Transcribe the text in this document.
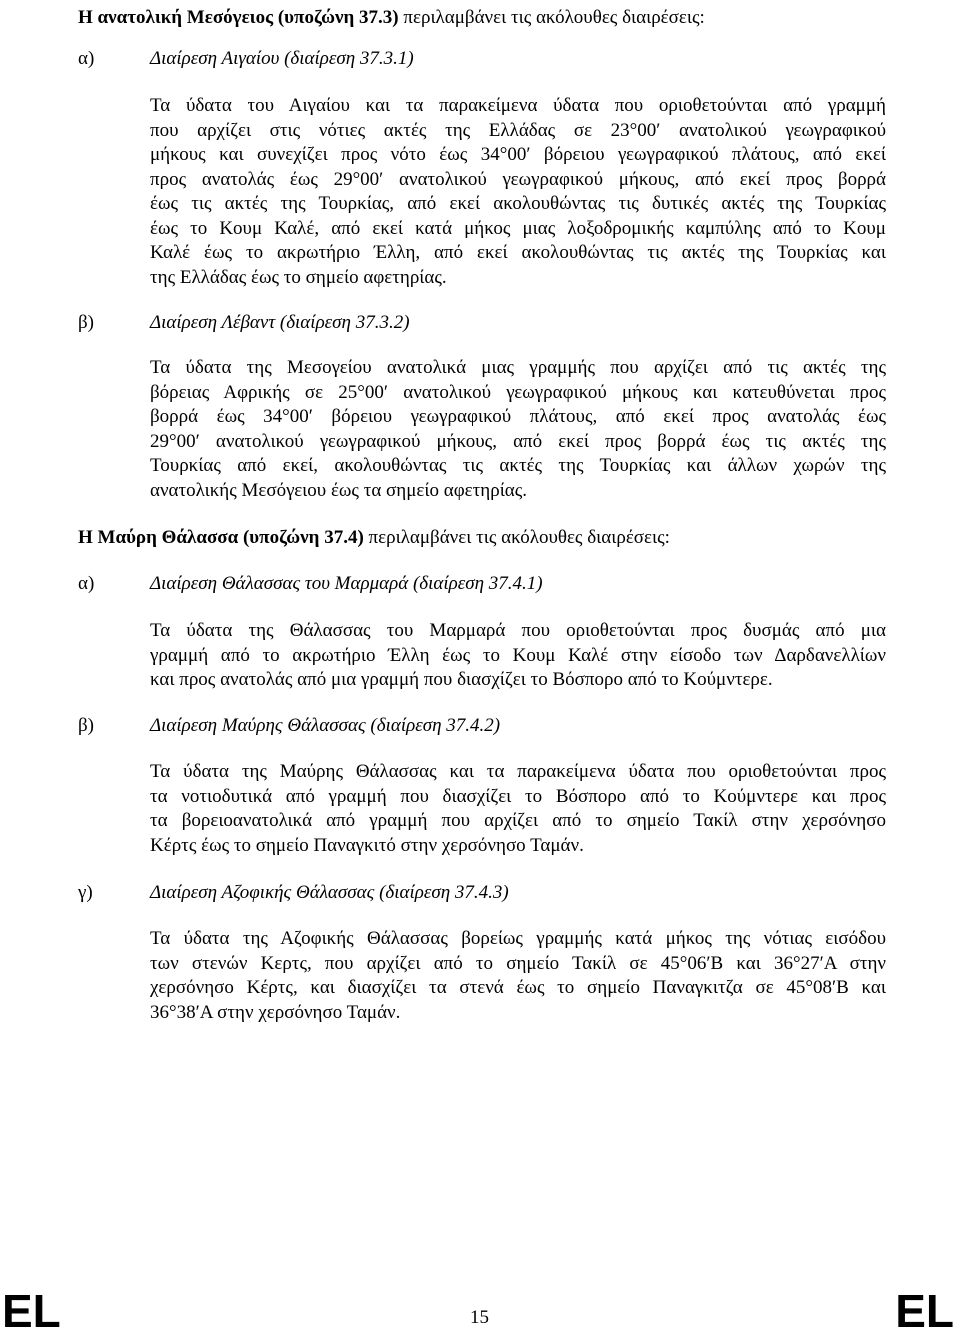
Η ανατολική Μεσόγειος (υποζώνη 37.3) περιλαμβάνει τις ακόλουθες διαιρέσεις:
α)	Διαίρεση Αιγαίου (διαίρεση 37.3.1)
Τα ύδατα του Αιγαίου και τα παρακείμενα ύδατα που οριοθετούνται από γραμμή
που αρχίζει στις νότιες ακτές της Ελλάδας σε 23°00′ ανατολικού γεωγραφικού
μήκους και συνεχίζει προς νότο έως 34°00′ βόρειου γεωγραφικού πλάτους, από εκεί
προς ανατολάς έως 29°00′ ανατολικού γεωγραφικού μήκους, από εκεί προς βορρά
έως τις ακτές της Τουρκίας, από εκεί ακολουθώντας τις δυτικές ακτές της Τουρκίας
έως το Κουμ Καλέ, από εκεί κατά μήκος μιας λοξοδρομικής καμπύλης από το Κουμ
Καλέ έως το ακρωτήριο Έλλη, από εκεί ακολουθώντας τις ακτές της Τουρκίας και
της Ελλάδας έως το σημείο αφετηρίας.
β)	Διαίρεση Λέβαντ (διαίρεση 37.3.2)
Τα ύδατα της Μεσογείου ανατολικά μιας γραμμής που αρχίζει από τις ακτές της
βόρειας Αφρικής σε 25°00′ ανατολικού γεωγραφικού μήκους και κατευθύνεται προς
βορρά έως 34°00′ βόρειου γεωγραφικού πλάτους, από εκεί προς ανατολάς έως
29°00′ ανατολικού γεωγραφικού μήκους, από εκεί προς βορρά έως τις ακτές της
Τουρκίας από εκεί, ακολουθώντας τις ακτές της Τουρκίας και άλλων χωρών της
ανατολικής Μεσόγειου έως τα σημείο αφετηρίας.
Η Μαύρη Θάλασσα (υποζώνη 37.4) περιλαμβάνει τις ακόλουθες διαιρέσεις:
α)	Διαίρεση Θάλασσας του Μαρμαρά (διαίρεση 37.4.1)
Τα ύδατα της Θάλασσας του Μαρμαρά που οριοθετούνται προς δυσμάς από μια
γραμμή από το ακρωτήριο Έλλη έως το Κουμ Καλέ στην είσοδο των Δαρδανελλίων
και προς ανατολάς από μια γραμμή που διασχίζει το Βόσπορο από το Κούμντερε.
β)	Διαίρεση Μαύρης Θάλασσας (διαίρεση 37.4.2)
Τα ύδατα της Μαύρης Θάλασσας και τα παρακείμενα ύδατα που οριοθετούνται προς
τα νοτιοδυτικά από γραμμή που διασχίζει το Βόσπορο από το Κούμντερε και προς
τα βορειοανατολικά από γραμμή που αρχίζει από το σημείο Τακίλ στην χερσόνησο
Κέρτς έως το σημείο Παναγκιτό στην χερσόνησο Ταμάν.
γ)	Διαίρεση Αζοφικής Θάλασσας (διαίρεση 37.4.3)
Τα ύδατα της Αζοφικής Θάλασσας βορείως γραμμής κατά μήκος της νότιας εισόδου
των στενών Κερτς, που αρχίζει από το σημείο Τακίλ σε 45°06′Β και 36°27′Α στην
χερσόνησο Κέρτς, και διασχίζει τα στενά έως το σημείο Παναγκιτζα σε 45°08′Β και
36°38′Α στην χερσόνησο Ταμάν.
EL	15	EL
